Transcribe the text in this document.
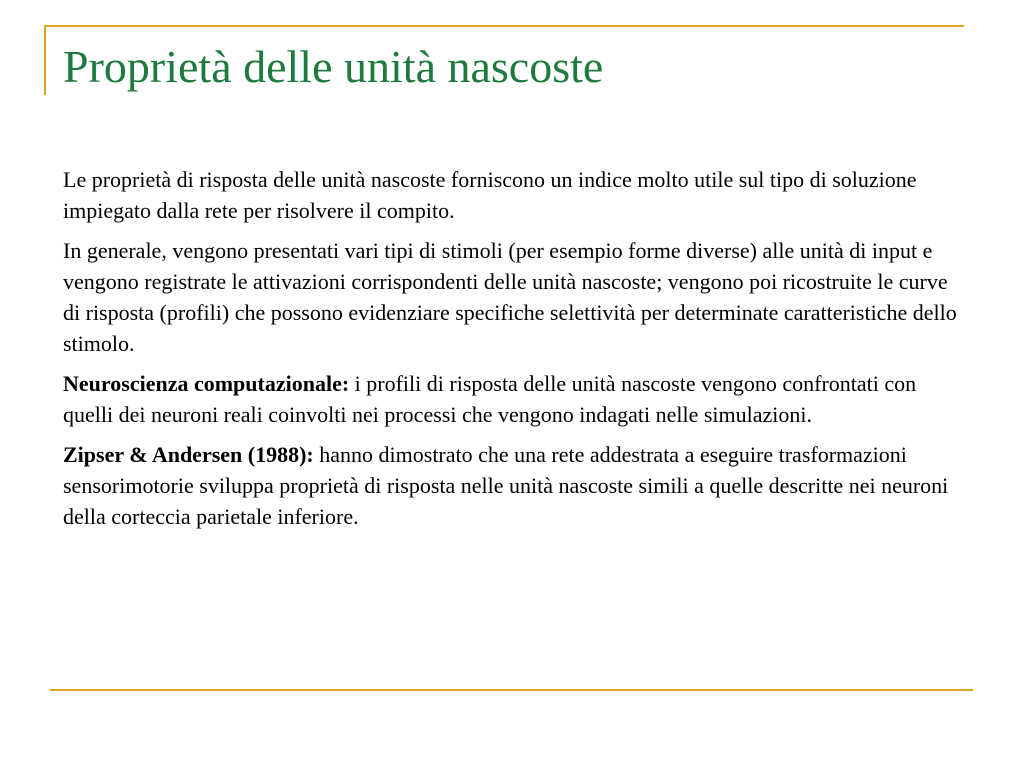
Proprietà delle unità nascoste

Le proprietà di risposta delle unità nascoste forniscono un indice molto utile sul tipo di soluzione impiegato dalla rete per risolvere il compito.

In generale, vengono presentati vari tipi di stimoli (per esempio forme diverse) alle unità di input e vengono registrate le attivazioni corrispondenti delle unità nascoste; vengono poi ricostruite le curve di risposta (profili) che possono evidenziare specifiche selettività per determinate caratteristiche dello stimolo.

Neuroscienza computazionale: i profili di risposta delle unità nascoste vengono confrontati con quelli dei neuroni reali coinvolti nei processi che vengono indagati nelle simulazioni.

Zipser & Andersen (1988): hanno dimostrato che una rete addestrata a eseguire trasformazioni sensorimotorie sviluppa proprietà di risposta nelle unità nascoste simili a quelle descritte nei neuroni della corteccia parietale inferiore.
